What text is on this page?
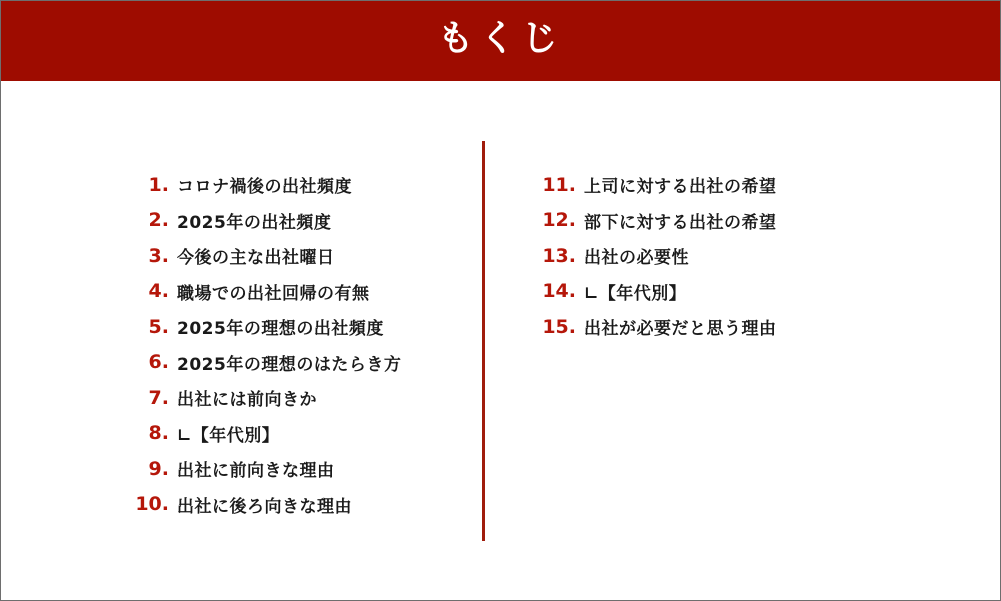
もくじ
1. コロナ禍後の出社頻度
2. 2025年の出社頻度
3. 今後の主な出社曜日
4. 職場での出社回帰の有無
5. 2025年の理想の出社頻度
6. 2025年の理想のはたらき方
7. 出社には前向きか
8. ∟【年代別】
9. 出社に前向きな理由
10. 出社に後ろ向きな理由
11. 上司に対する出社の希望
12. 部下に対する出社の希望
13. 出社の必要性
14. ∟【年代別】
15. 出社が必要だと思う理由
